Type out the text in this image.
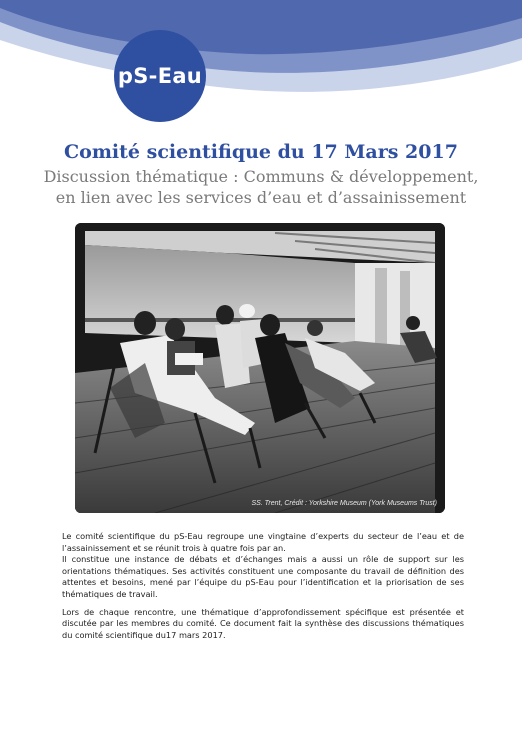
pS-Eau
Comité scientifique du 17 Mars 2017

Discussion thématique : Communs & développement,
en lien avec les services d’eau et d’assainissement

SS. Trent, Crédit : Yorkshire Museum (York Museums Trust)

Le comité scientifique du pS-Eau regroupe une vingtaine d’experts du secteur de l’eau et de l’assainissement et se réunit trois à quatre fois par an.
Il constitue une instance de débats et d’échanges mais a aussi un rôle de support sur les orientations thématiques. Ses activités constituent une composante du travail de définition des attentes et besoins, mené par l’équipe du pS-Eau pour l’identification et la priorisation de ses thématiques de travail.

Lors de chaque rencontre, une thématique d’approfondissement spécifique est présentée et discutée par les membres du comité. Ce document fait la synthèse des discussions thématiques du comité scientifique du17 mars 2017.
